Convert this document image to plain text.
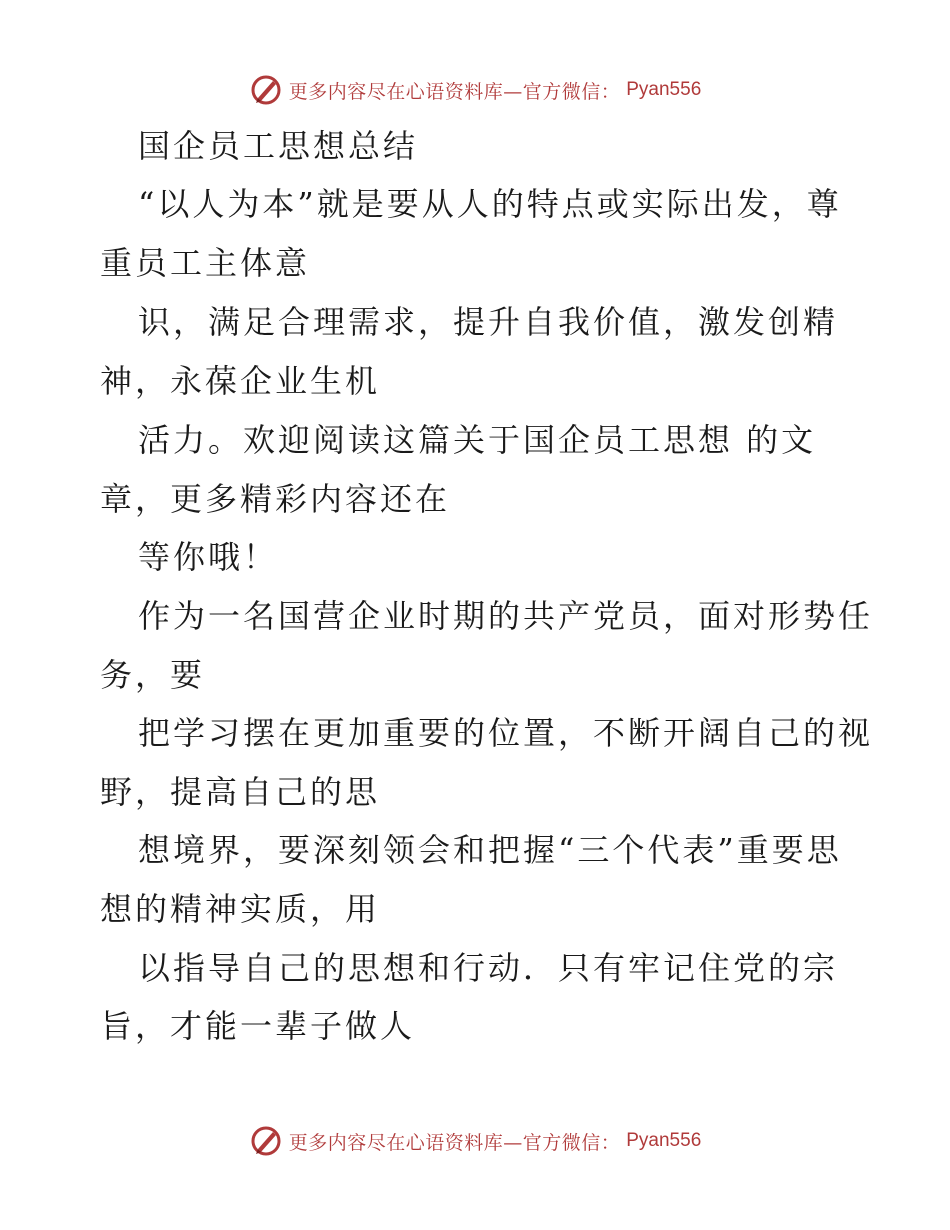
更多内容尽在心语资料库—官方微信： Pyan556
国企员工思想总结
“以人为本”就是要从人的特点或实际出发，尊
重员工主体意
识，满足合理需求，提升自我价值，激发创精
神，永葆企业生机
活力。欢迎阅读这篇关于国企员工思想 的文
章，更多精彩内容还在
等你哦！
作为一名国营企业时期的共产党员，面对形势任
务，要
把学习摆在更加重要的位置，不断开阔自己的视
野，提高自己的思
想境界，要深刻领会和把握“三个代表”重要思
想的精神实质，用
以指导自己的思想和行动．只有牢记住党的宗
旨，才能一辈子做人
更多内容尽在心语资料库—官方微信： Pyan556
